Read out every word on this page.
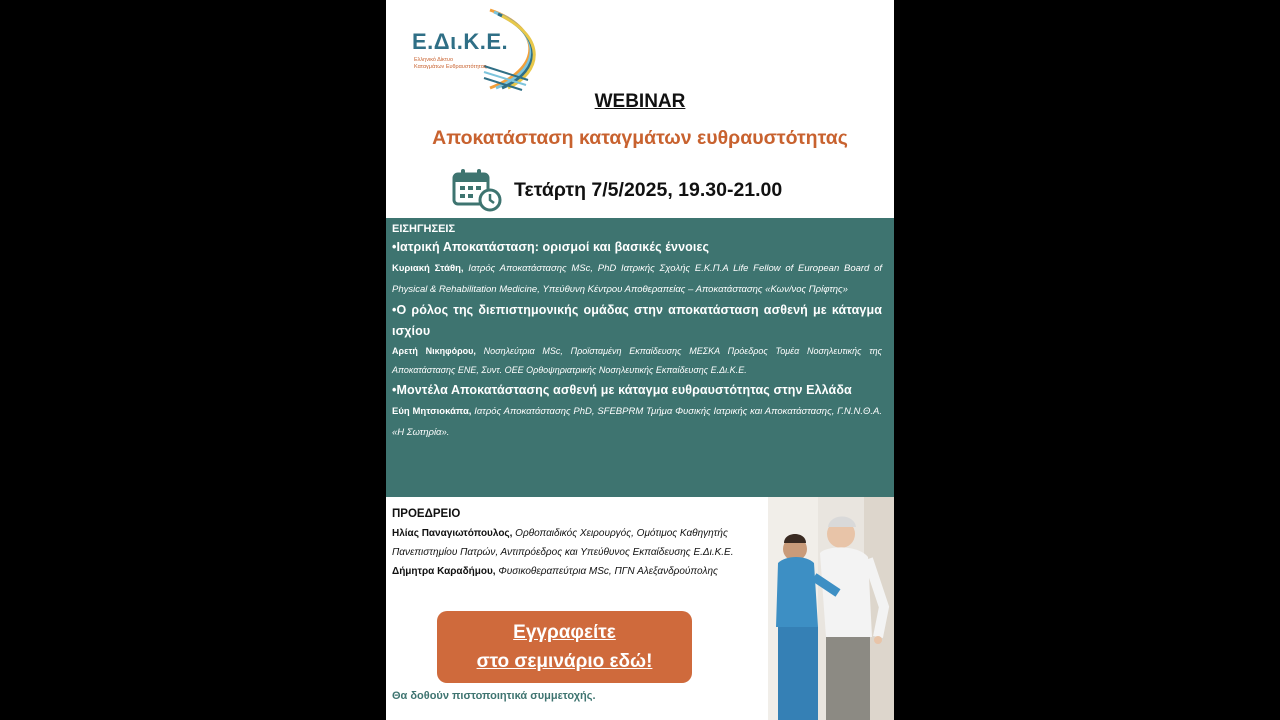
Ε.Δι.Κ.Ε.
Ελληνικό Δίκτυο
Καταγμάτων Ευθραυστότητας
WEBINAR
Αποκατάσταση καταγμάτων ευθραυστότητας
Τετάρτη 7/5/2025, 19.30-21.00
ΕΙΣΗΓΗΣΕΙΣ
•Ιατρική Αποκατάσταση: ορισμοί και βασικές έννοιες
Κυριακή Στάθη, Ιατρός Αποκατάστασης MSc, PhD Ιατρικής Σχολής Ε.Κ.Π.Α Life Fellow of European Board of Physical & Rehabilitation Medicine, Υπεύθυνη Κέντρου Αποθεραπείας – Αποκατάστασης «Κων/νος Πρίφτης»
•Ο ρόλος της διεπιστημονικής ομάδας στην αποκατάσταση ασθενή με κάταγμα ισχίου
Αρετή Νικηφόρου, Νοσηλεύτρια MSc, Προϊσταμένη Εκπαίδευσης ΜΕΣΚΑ Πρόεδρος Τομέα Νοσηλευτικής της Αποκατάστασης ΕΝΕ, Συντ. ΟΕΕ Ορθοψηριατρικής Νοσηλευτικής Εκπαίδευσης Ε.Δι.Κ.Ε.
•Μοντέλα Αποκατάστασης ασθενή με κάταγμα ευθραυστότητας στην Ελλάδα
Εύη Μητσιοκάπα, Ιατρός Αποκατάστασης PhD, SFEBPRM Τμήμα Φυσικής Ιατρικής και Αποκατάστασης, Γ.Ν.Ν.Θ.Α. «Η Σωτηρία».
ΠΡΟΕΔΡΕΙΟ
Ηλίας Παναγιωτόπουλος, Ορθοπαιδικός Χειρουργός, Ομότιμος Καθηγητής Πανεπιστημίου Πατρών, Αντιπρόεδρος και Υπεύθυνος Εκπαίδευσης Ε.Δι.Κ.Ε.
Δήμητρα Καραδήμου, Φυσικοθεραπεύτρια MSc, ΠΓΝ Αλεξανδρούπολης
Εγγραφείτε
στο σεμινάριο εδώ!
Θα δοθούν πιστοποιητικά συμμετοχής.
